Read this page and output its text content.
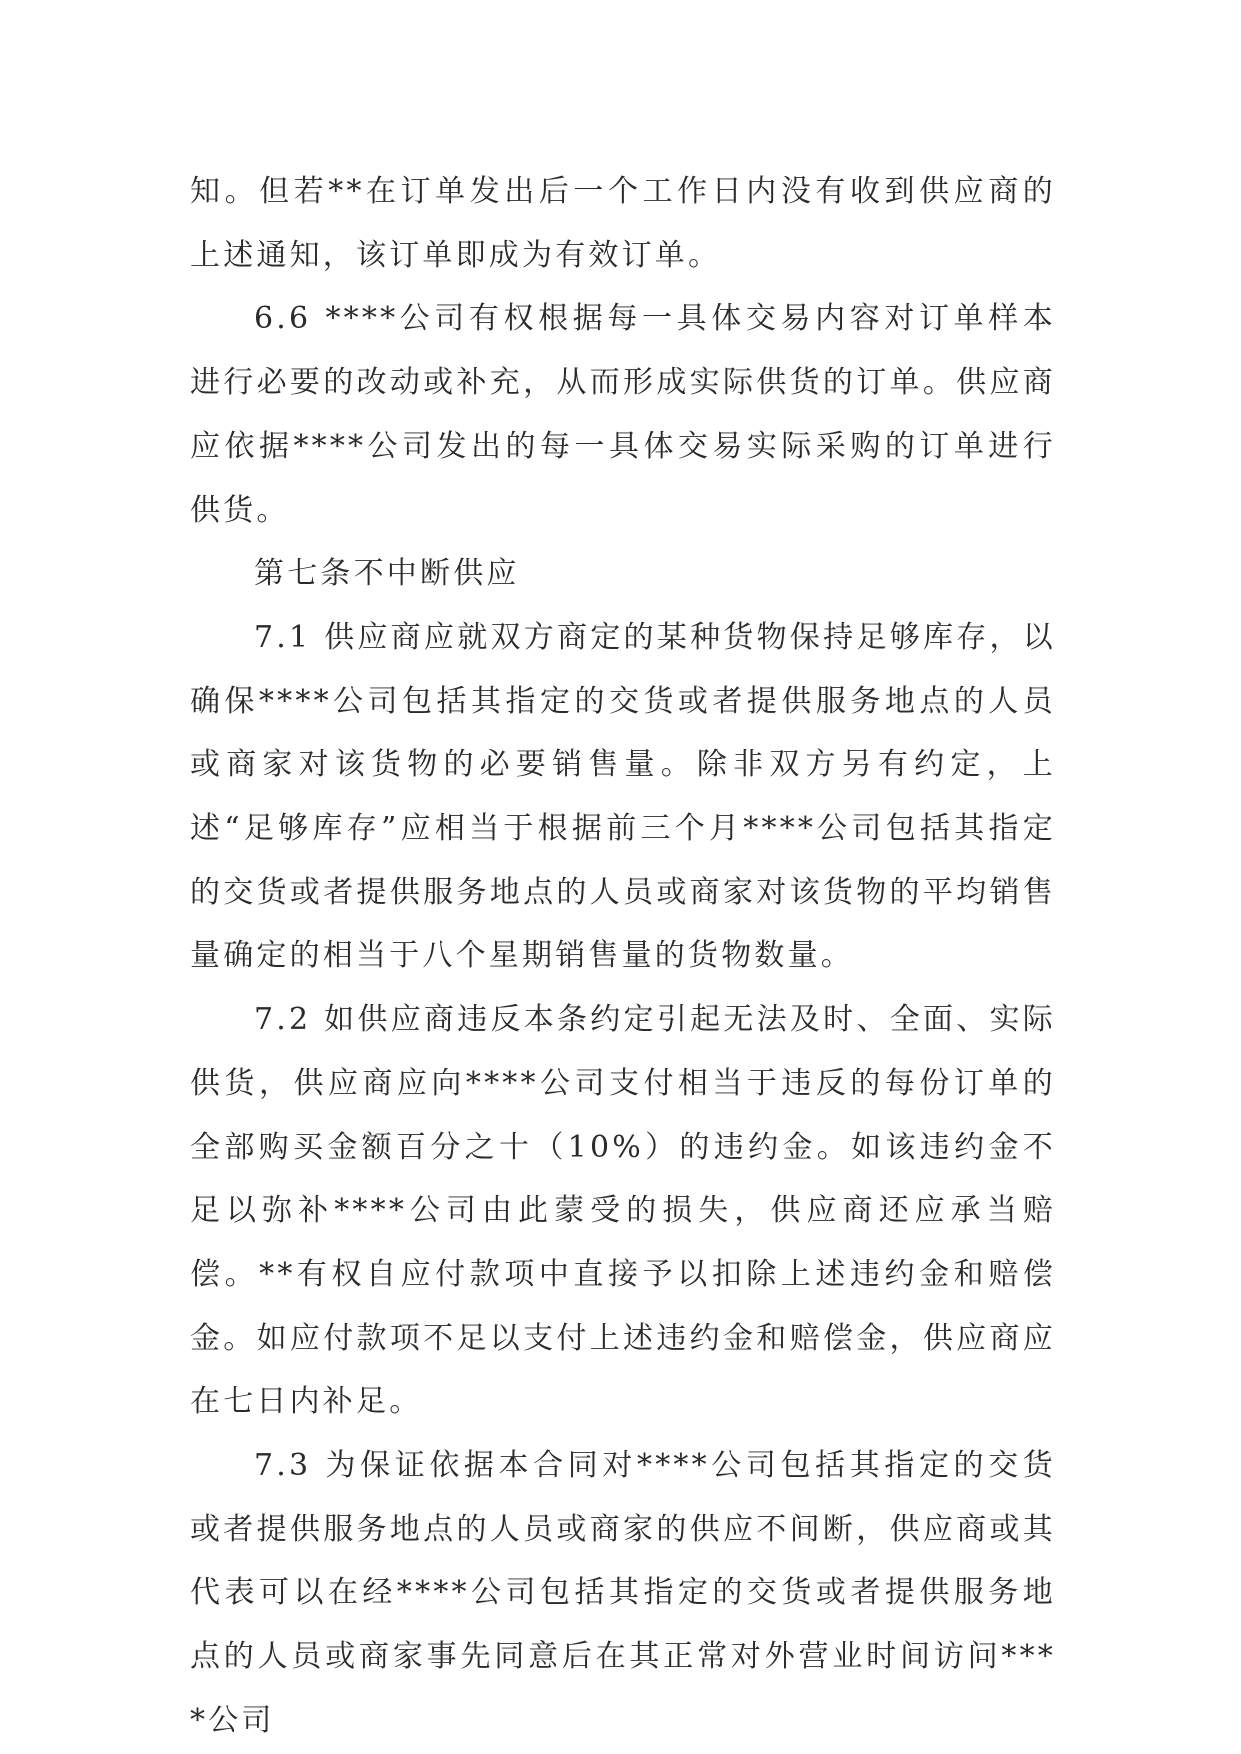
知。但若**在订单发出后一个工作日内没有收到供应商的上述通知，该订单即成为有效订单。

6.6 ****公司有权根据每一具体交易内容对订单样本进行必要的改动或补充，从而形成实际供货的订单。供应商应依据****公司发出的每一具体交易实际采购的订单进行供货。

第七条不中断供应

7.1 供应商应就双方商定的某种货物保持足够库存，以确保****公司包括其指定的交货或者提供服务地点的人员或商家对该货物的必要销售量。除非双方另有约定，上述“足够库存”应相当于根据前三个月****公司包括其指定的交货或者提供服务地点的人员或商家对该货物的平均销售量确定的相当于八个星期销售量的货物数量。

7.2 如供应商违反本条约定引起无法及时、全面、实际供货，供应商应向****公司支付相当于违反的每份订单的全部购买金额百分之十（10%）的违约金。如该违约金不足以弥补****公司由此蒙受的损失，供应商还应承当赔偿。**有权自应付款项中直接予以扣除上述违约金和赔偿金。如应付款项不足以支付上述违约金和赔偿金，供应商应在七日内补足。

7.3 为保证依据本合同对****公司包括其指定的交货或者提供服务地点的人员或商家的供应不间断，供应商或其代表可以在经****公司包括其指定的交货或者提供服务地点的人员或商家事先同意后在其正常对外营业时间访问****公司
